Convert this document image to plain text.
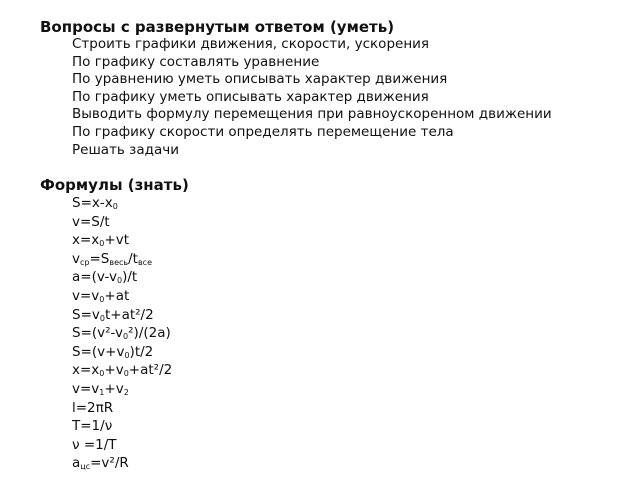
Вопросы с развернутым ответом (уметь)
Строить графики движения, скорости, ускорения
По графику составлять уравнение
По уравнению уметь описывать характер движения
По графику уметь описывать характер движения
Выводить формулу перемещения при равноускоренном движении
По графику скорости определять перемещение тела
Решать задачи
Формулы (знать)
$S=x-x_0$
v=S/t
$x=x_0+vt$
$v_{ср}=S_{весь}/t_{все}$
$a=(v-v_0)/t$
$v=v_0+at$
$S=v_0t+at^2/2$
$S=(v^2-v_0^2)/(2a)$
$S=(v+v_0)t/2$
$x=x_0+v_0+at^2/2$
$v=v_1+v_2$
l=2πR
T=1/ν
ν =1/T
$a_{цс}=v^2/R$
